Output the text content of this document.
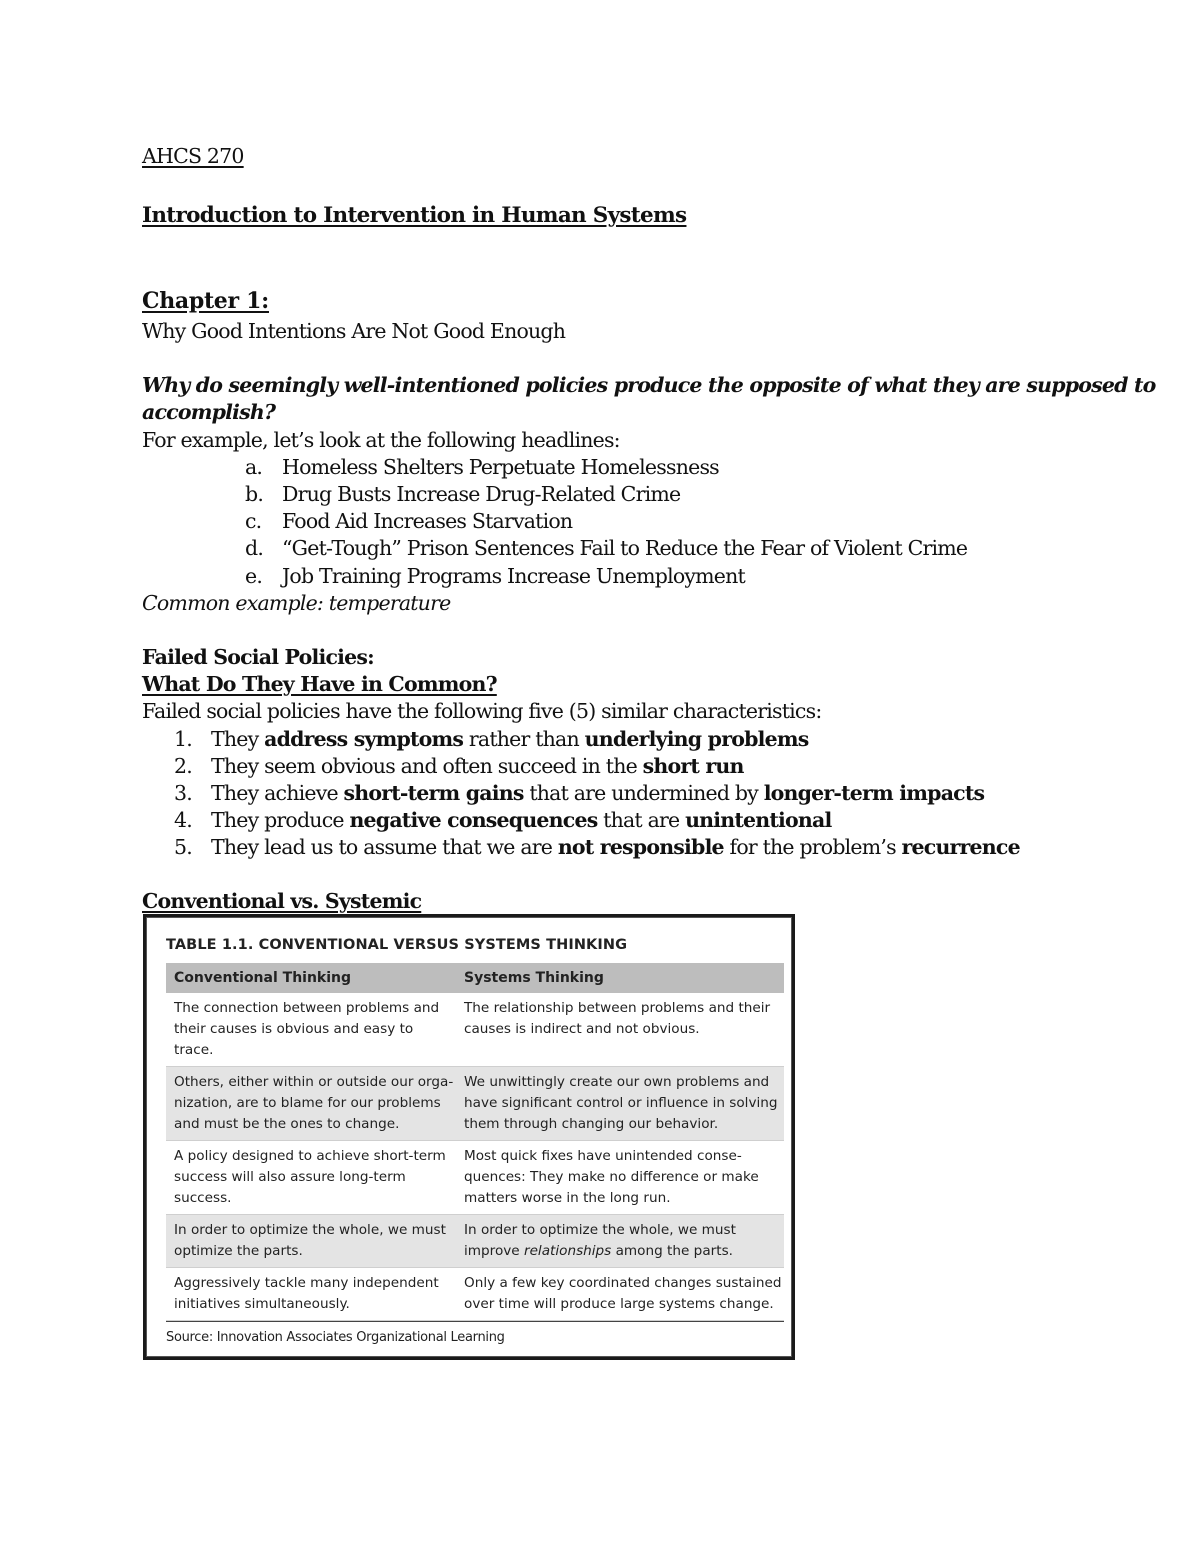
AHCS 270
Introduction to Intervention in Human Systems
Chapter 1:
Why Good Intentions Are Not Good Enough
Why do seemingly well-intentioned policies produce the opposite of what they are supposed to
accomplish?
For example, let’s look at the following headlines:
a. Homeless Shelters Perpetuate Homelessness
b. Drug Busts Increase Drug-Related Crime
c. Food Aid Increases Starvation
d. “Get-Tough” Prison Sentences Fail to Reduce the Fear of Violent Crime
e. Job Training Programs Increase Unemployment
Common example: temperature
Failed Social Policies:
What Do They Have in Common?
Failed social policies have the following five (5) similar characteristics:
1. They address symptoms rather than underlying problems
2. They seem obvious and often succeed in the short run
3. They achieve short-term gains that are undermined by longer-term impacts
4. They produce negative consequences that are unintentional
5. They lead us to assume that we are not responsible for the problem’s recurrence
Conventional vs. Systemic
TABLE 1.1. CONVENTIONAL VERSUS SYSTEMS THINKING
Conventional Thinking	Systems Thinking
The connection between problems and
their causes is obvious and easy to trace.
The relationship between problems and their
causes is indirect and not obvious.
Others, either within or outside our orga-
nization, are to blame for our problems
and must be the ones to change.
We unwittingly create our own problems and
have significant control or influence in solving
them through changing our behavior.
A policy designed to achieve short-term
success will also assure long-term success.
Most quick fixes have unintended conse-
quences: They make no difference or make
matters worse in the long run.
In order to optimize the whole, we must
optimize the parts.
In order to optimize the whole, we must
improve relationships among the parts.
Aggressively tackle many independent
initiatives simultaneously.
Only a few key coordinated changes sustained
over time will produce large systems change.
Source: Innovation Associates Organizational Learning
